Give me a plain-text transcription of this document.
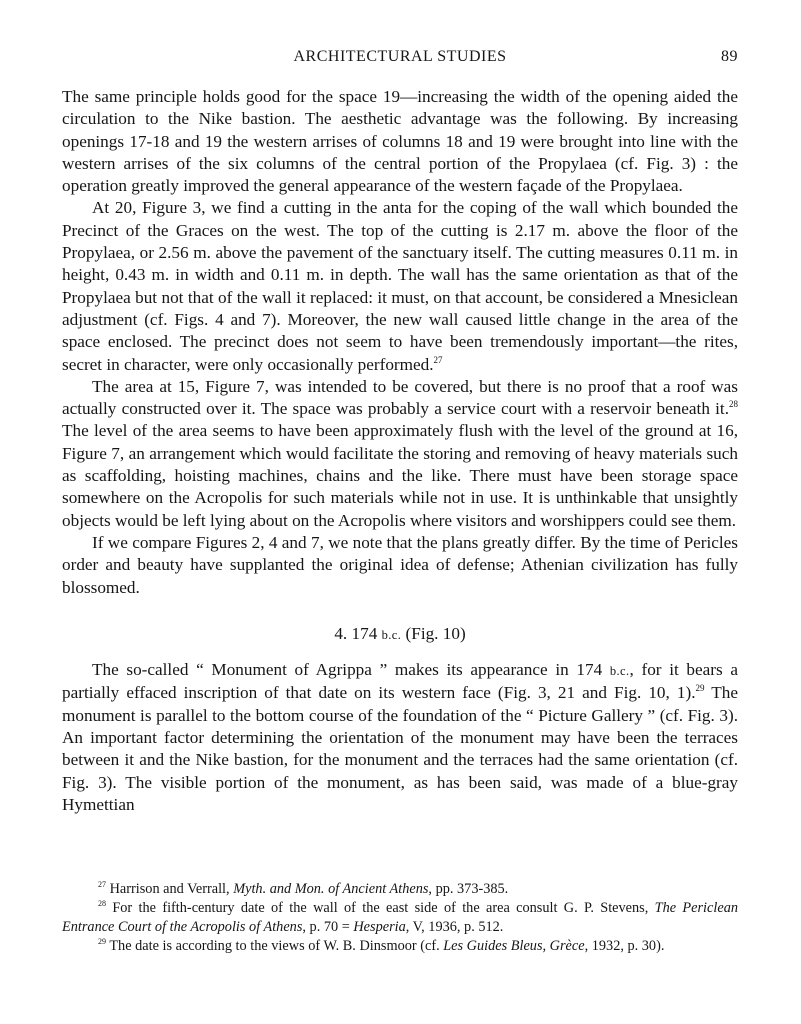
ARCHITECTURAL STUDIES	89

The same principle holds good for the space 19—increasing the width of the opening aided the circulation to the Nike bastion. The aesthetic advantage was the following. By increasing openings 17-18 and 19 the western arrises of columns 18 and 19 were brought into line with the western arrises of the six columns of the central portion of the Propylaea (cf. Fig. 3) : the operation greatly improved the general appearance of the western façade of the Propylaea.

At 20, Figure 3, we find a cutting in the anta for the coping of the wall which bounded the Precinct of the Graces on the west. The top of the cutting is 2.17 m. above the floor of the Propylaea, or 2.56 m. above the pavement of the sanctuary itself. The cutting measures 0.11 m. in height, 0.43 m. in width and 0.11 m. in depth. The wall has the same orientation as that of the Propylaea but not that of the wall it replaced: it must, on that account, be considered a Mnesiclean adjustment (cf. Figs. 4 and 7). Moreover, the new wall caused little change in the area of the space enclosed. The precinct does not seem to have been tremendously important—the rites, secret in character, were only occasionally performed.$^{27}$

The area at 15, Figure 7, was intended to be covered, but there is no proof that a roof was actually constructed over it. The space was probably a service court with a reservoir beneath it.$^{28}$ The level of the area seems to have been approximately flush with the level of the ground at 16, Figure 7, an arrangement which would facilitate the storing and removing of heavy materials such as scaffolding, hoisting machines, chains and the like. There must have been storage space somewhere on the Acropolis for such materials while not in use. It is unthinkable that unsightly objects would be left lying about on the Acropolis where visitors and worshippers could see them.

If we compare Figures 2, 4 and 7, we note that the plans greatly differ. By the time of Pericles order and beauty have supplanted the original idea of defense; Athenian civilization has fully blossomed.

4. 174 b.c. (Fig. 10)

The so-called “ Monument of Agrippa ” makes its appearance in 174 b.c., for it bears a partially effaced inscription of that date on its western face (Fig. 3, 21 and Fig. 10, 1).$^{29}$ The monument is parallel to the bottom course of the foundation of the “ Picture Gallery ” (cf. Fig. 3). An important factor determining the orientation of the monument may have been the terraces between it and the Nike bastion, for the monument and the terraces had the same orientation (cf. Fig. 3). The visible portion of the monument, as has been said, was made of a blue-gray Hymettian

$^{27}$ Harrison and Verrall, Myth. and Mon. of Ancient Athens, pp. 373-385.

$^{28}$ For the fifth-century date of the wall of the east side of the area consult G. P. Stevens, The Periclean Entrance Court of the Acropolis of Athens, p. 70 = Hesperia, V, 1936, p. 512.

$^{29}$ The date is according to the views of W. B. Dinsmoor (cf. Les Guides Bleus, Grèce, 1932, p. 30).
